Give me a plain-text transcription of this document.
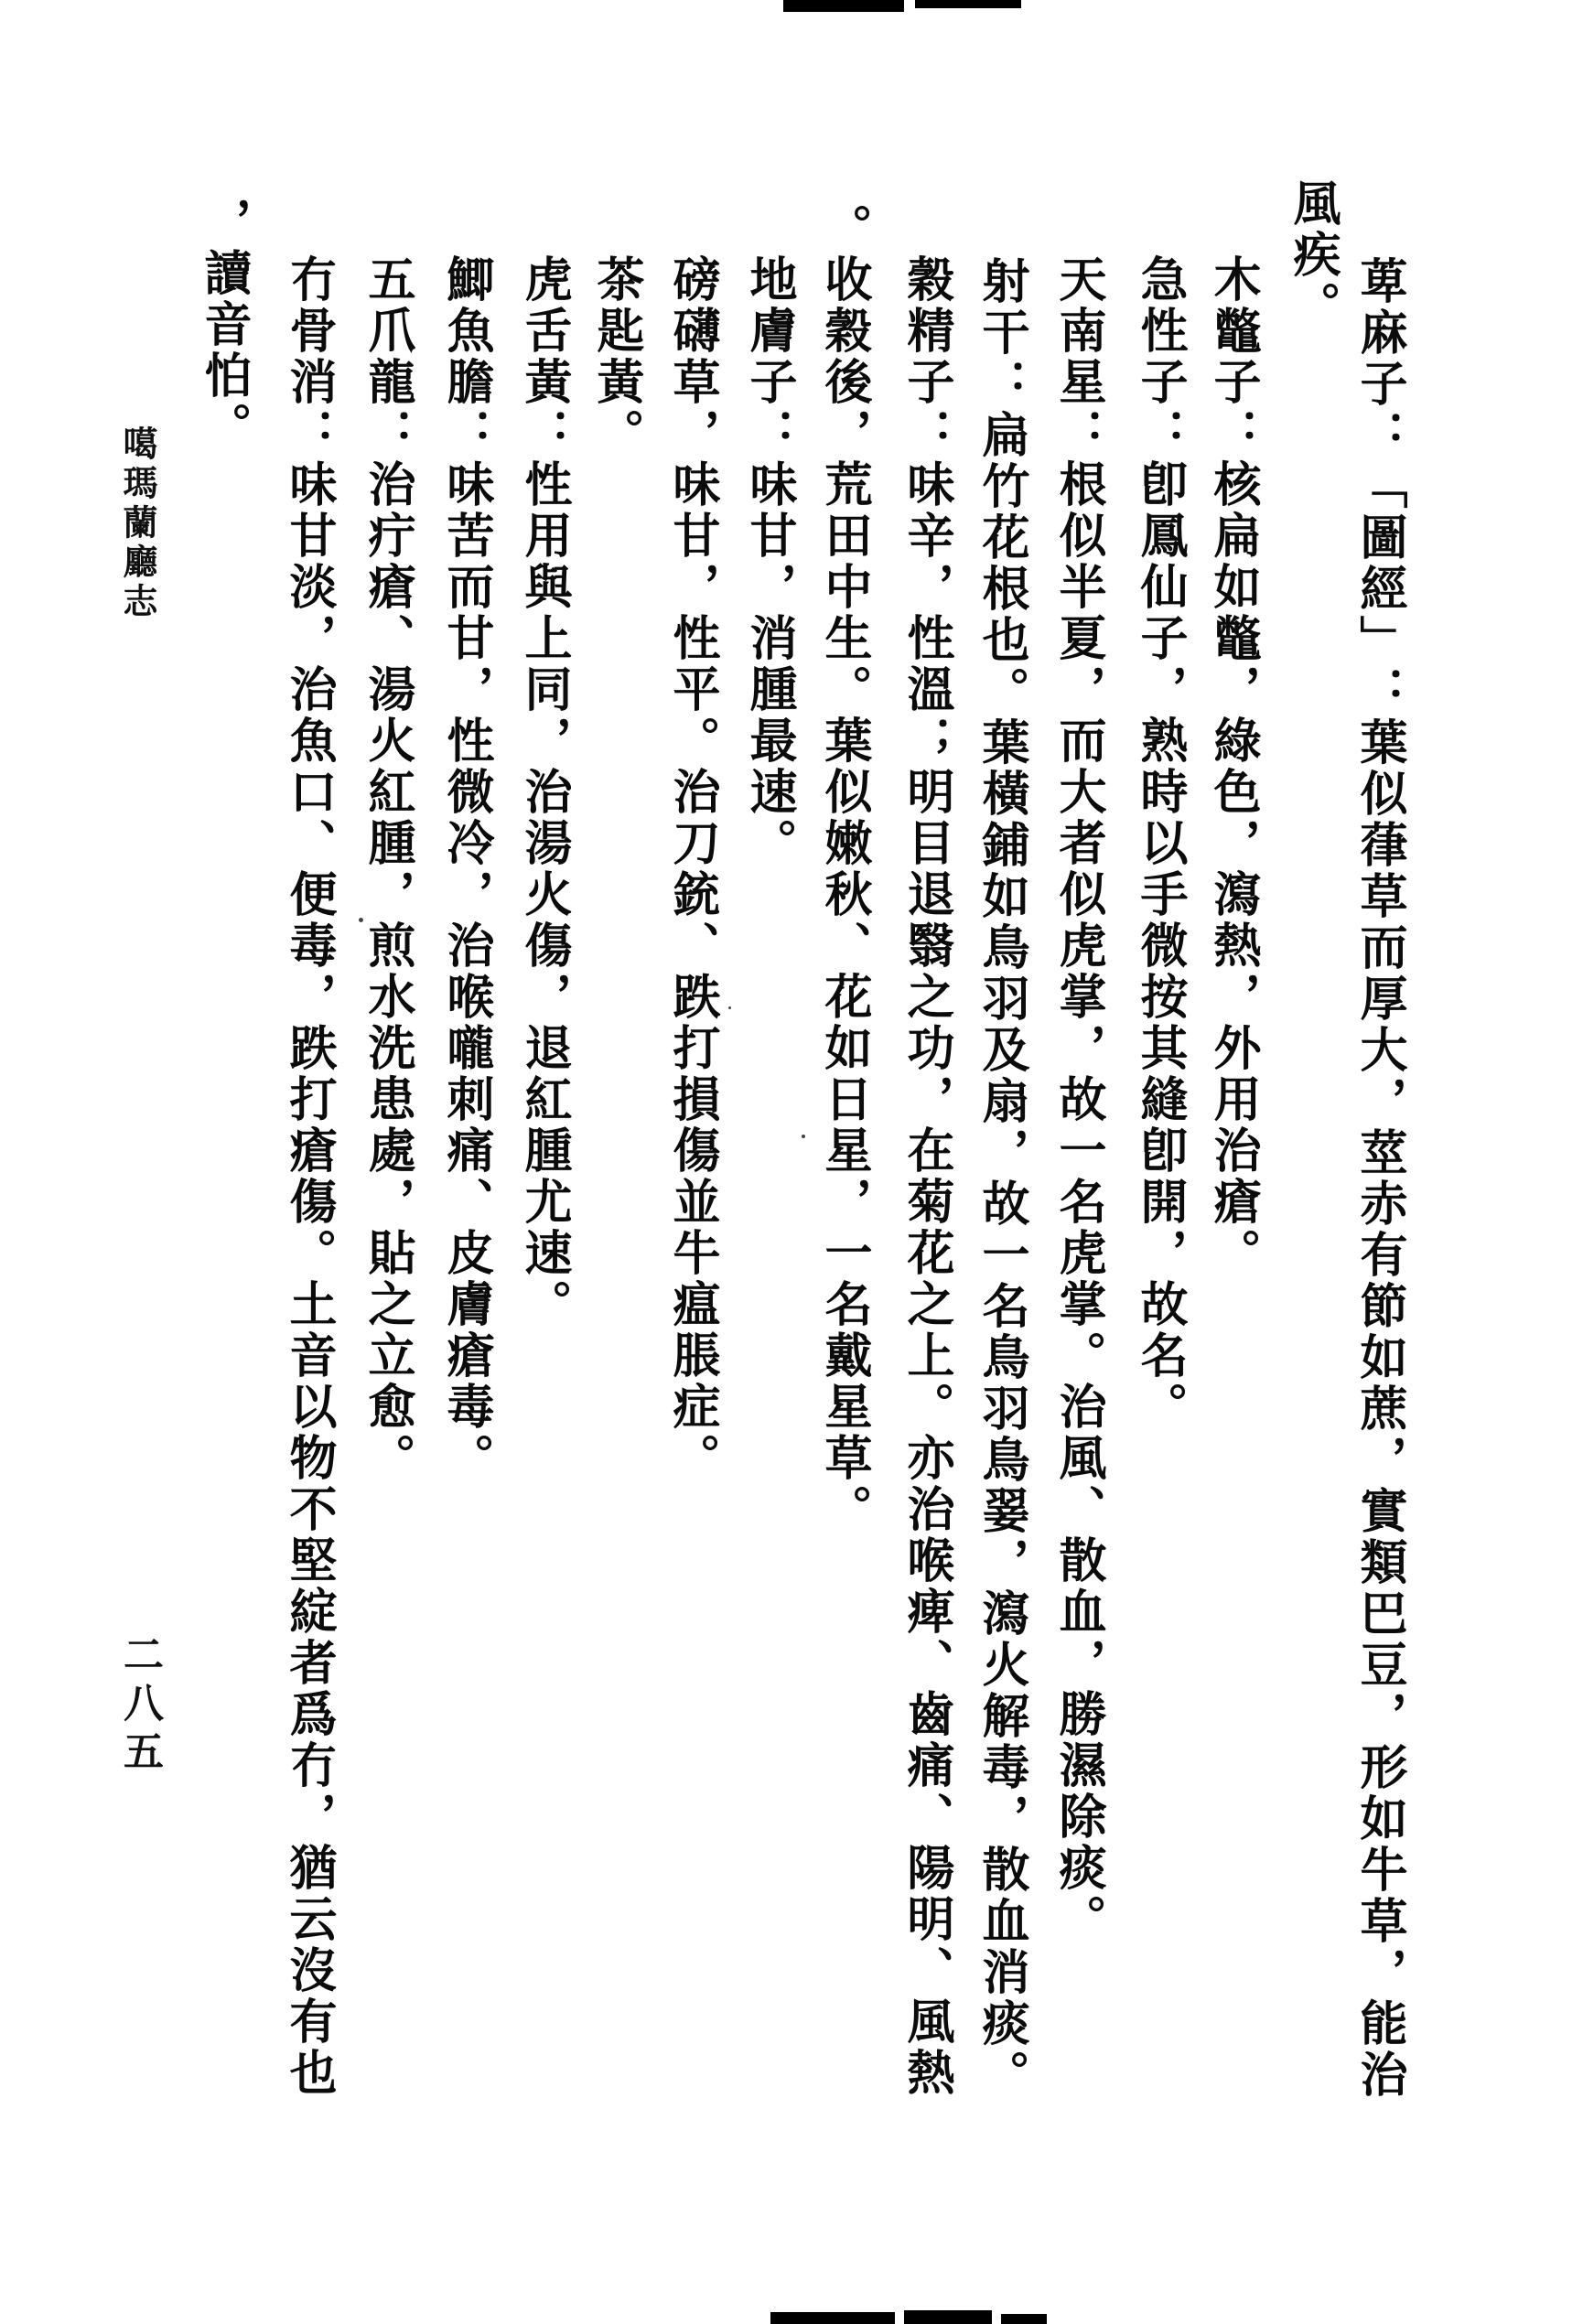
萆麻子：「圖經」：葉似葎草而厚大，莖赤有節如蔗，實類巴豆，形如牛草，能治
風疾。
木鼈子：核扁如鼈，綠色，瀉熱，外用治瘡。
急性子：卽鳳仙子，熟時以手微按其縫卽開，故名。
天南星：根似半夏，而大者似虎掌，故一名虎掌。治風、散血，勝濕除痰。
射干：扁竹花根也。葉橫鋪如鳥羽及扇，故一名鳥羽鳥翣，瀉火解毒，散血消痰。
穀精子：味辛，性溫；明目退翳之功，在菊花之上。亦治喉痺、齒痛、陽明、風熱
。收穀後，荒田中生。葉似嫩秋、花如日星，一名戴星草。
地膚子：味甘，消腫最速。
磅礴草，味甘，性平。治刀銃、跌打損傷並牛瘟脹症。
茶匙黃。
虎舌黃：性用與上同，治湯火傷，退紅腫尤速。
鯽魚膽：味苦而甘，性微冷，治喉嚨刺痛、皮膚瘡毒。
五爪龍：治疔瘡、湯火紅腫，煎水洗患處，貼之立愈。
冇骨消：味甘淡，治魚口、便毒，跌打瘡傷。土音以物不堅綻者爲冇，猶云沒有也
，讀音怕。
噶瑪蘭廳志
二八五
